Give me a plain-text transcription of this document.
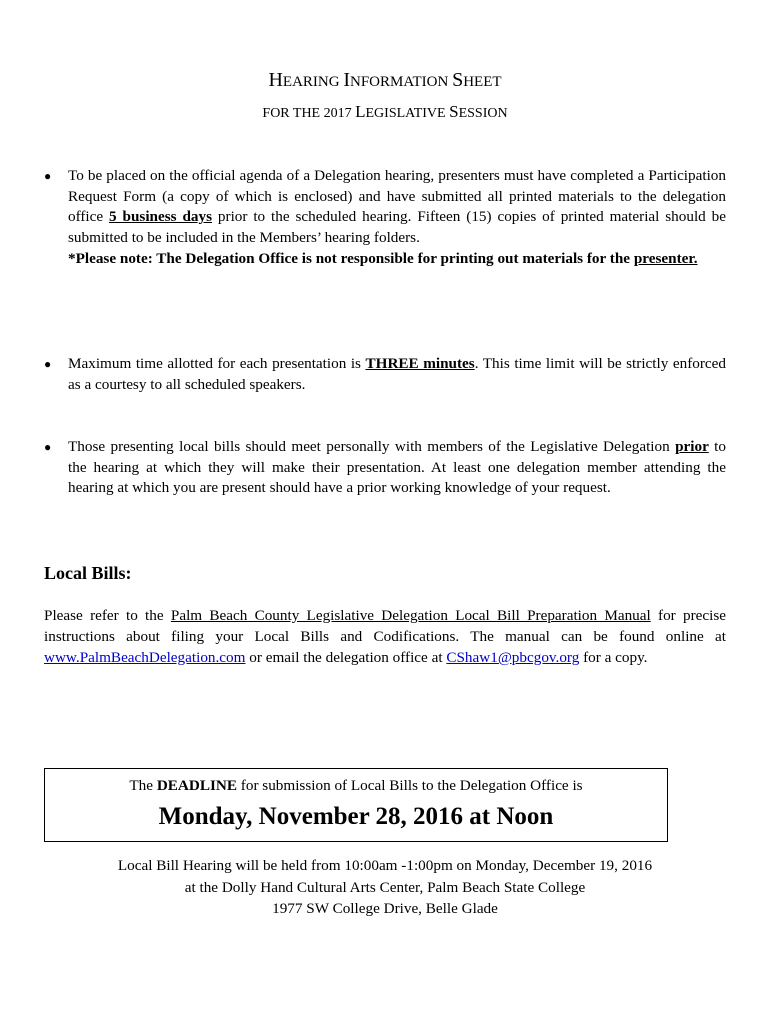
HEARING INFORMATION SHEET
FOR THE 2017 LEGISLATIVE SESSION
● To be placed on the official agenda of a Delegation hearing, presenters must have completed a Participation Request Form (a copy of which is enclosed) and have submitted all printed materials to the delegation office 5 business days prior to the scheduled hearing. Fifteen (15) copies of printed material should be submitted to be included in the Members’ hearing folders.
*Please note: The Delegation Office is not responsible for printing out materials for the presenter.
● Maximum time allotted for each presentation is THREE minutes. This time limit will be strictly enforced as a courtesy to all scheduled speakers.
● Those presenting local bills should meet personally with members of the Legislative Delegation prior to the hearing at which they will make their presentation. At least one delegation member attending the hearing at which you are present should have a prior working knowledge of your request.
Local Bills:
Please refer to the Palm Beach County Legislative Delegation Local Bill Preparation Manual for precise instructions about filing your Local Bills and Codifications. The manual can be found online at www.PalmBeachDelegation.com or email the delegation office at CShaw1@pbcgov.org for a copy.
The DEADLINE for submission of Local Bills to the Delegation Office is
Monday, November 28, 2016 at Noon
Local Bill Hearing will be held from 10:00am -1:00pm on Monday, December 19, 2016
at the Dolly Hand Cultural Arts Center, Palm Beach State College
1977 SW College Drive, Belle Glade
